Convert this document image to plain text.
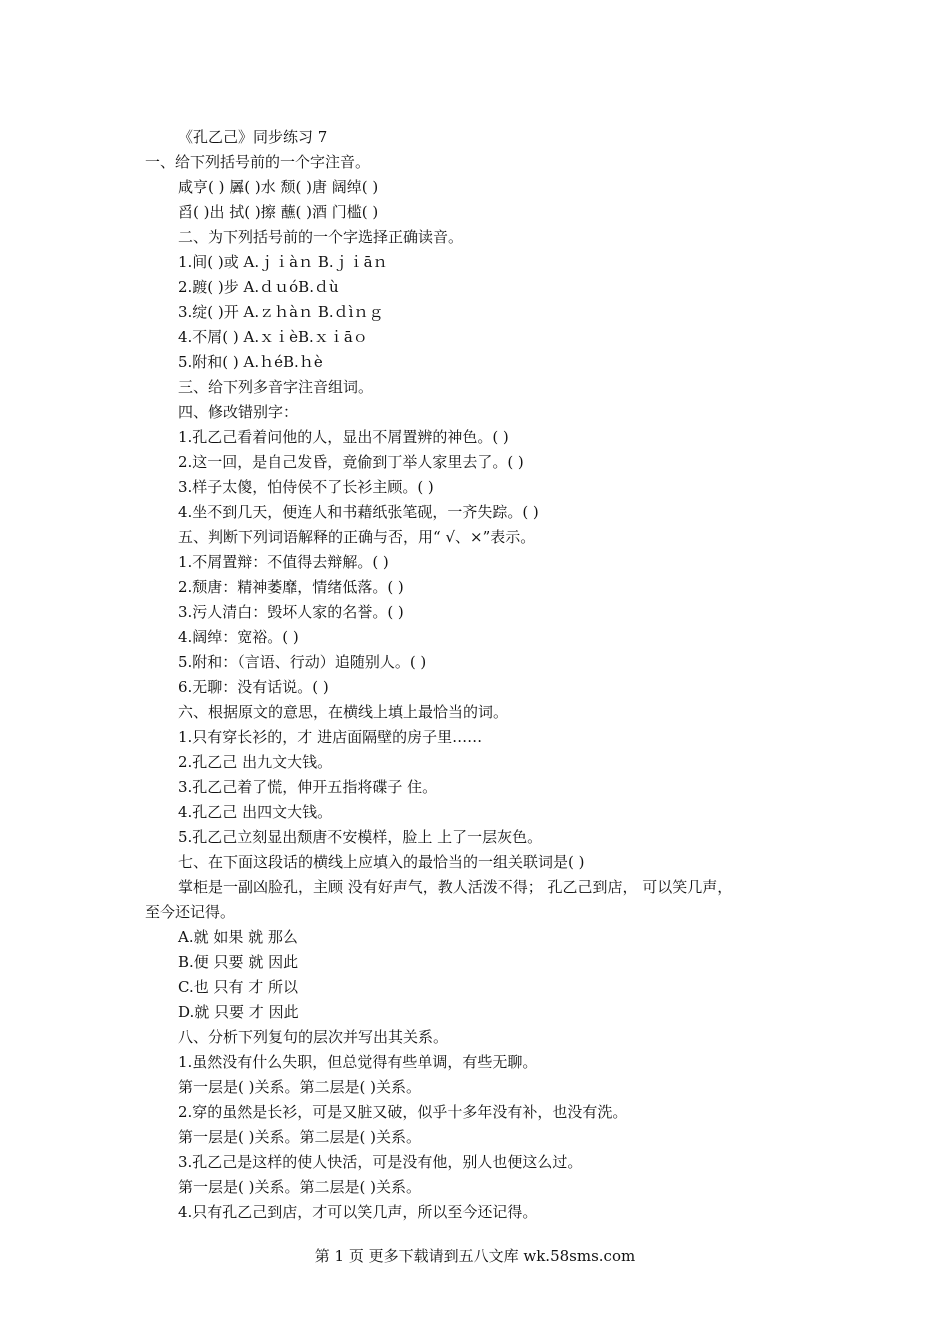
《孔乙己》同步练习 7
一、给下列括号前的一个字注音。
咸亨( ) 羼( )水 颓( )唐 阔绰( )
舀( )出 拭( )擦 蘸( )酒 门槛( )
二、为下列括号前的一个字选择正确读音。
1.间( )或 A.ｊｉàｎ B.ｊｉāｎ
2.踱( )步 A.ｄｕóB.ｄù
3.绽( )开 A.ｚｈàｎ B.ｄìｎｇ
4.不屑( ) A.ｘｉèB.ｘｉāｏ
5.附和( ) A.ｈéB.ｈè
三、给下列多音字注音组词。
四、修改错别字：
1.孔乙己看着问他的人，显出不屑置辨的神色。( )
2.这一回，是自己发昏，竟偷到丁举人家里去了。( )
3.样子太傻，怕侍侯不了长衫主顾。( )
4.坐不到几天，便连人和书藉纸张笔砚，一齐失踪。( )
五、判断下列词语解释的正确与否，用“ √、×”表示。
1.不屑置辩：不值得去辩解。( )
2.颓唐：精神萎靡，情绪低落。( )
3.污人清白：毁坏人家的名誉。( )
4.阔绰：宽裕。( )
5.附和：（言语、行动）追随别人。( )
6.无聊：没有话说。( )
六、根据原文的意思，在横线上填上最恰当的词。
1.只有穿长衫的，才 进店面隔壁的房子里……
2.孔乙己 出九文大钱。
3.孔乙己着了慌，伸开五指将碟子 住。
4.孔乙己 出四文大钱。
5.孔乙己立刻显出颓唐不安模样，脸上 上了一层灰色。
七、在下面这段话的横线上应填入的最恰当的一组关联词是( )
掌柜是一副凶脸孔，主顾 没有好声气，教人活泼不得； 孔乙己到店， 可以笑几声，
至今还记得。
A.就 如果 就 那么
B.便 只要 就 因此
C.也 只有 才 所以
D.就 只要 才 因此
八、分析下列复句的层次并写出其关系。
1.虽然没有什么失职，但总觉得有些单调，有些无聊。
第一层是( )关系。第二层是( )关系。
2.穿的虽然是长衫，可是又脏又破，似乎十多年没有补，也没有洗。
第一层是( )关系。第二层是( )关系。
3.孔乙己是这样的使人快活，可是没有他，别人也便这么过。
第一层是( )关系。第二层是( )关系。
4.只有孔乙己到店，才可以笑几声，所以至今还记得。
第 1 页 更多下载请到五八文库 wk.58sms.com
